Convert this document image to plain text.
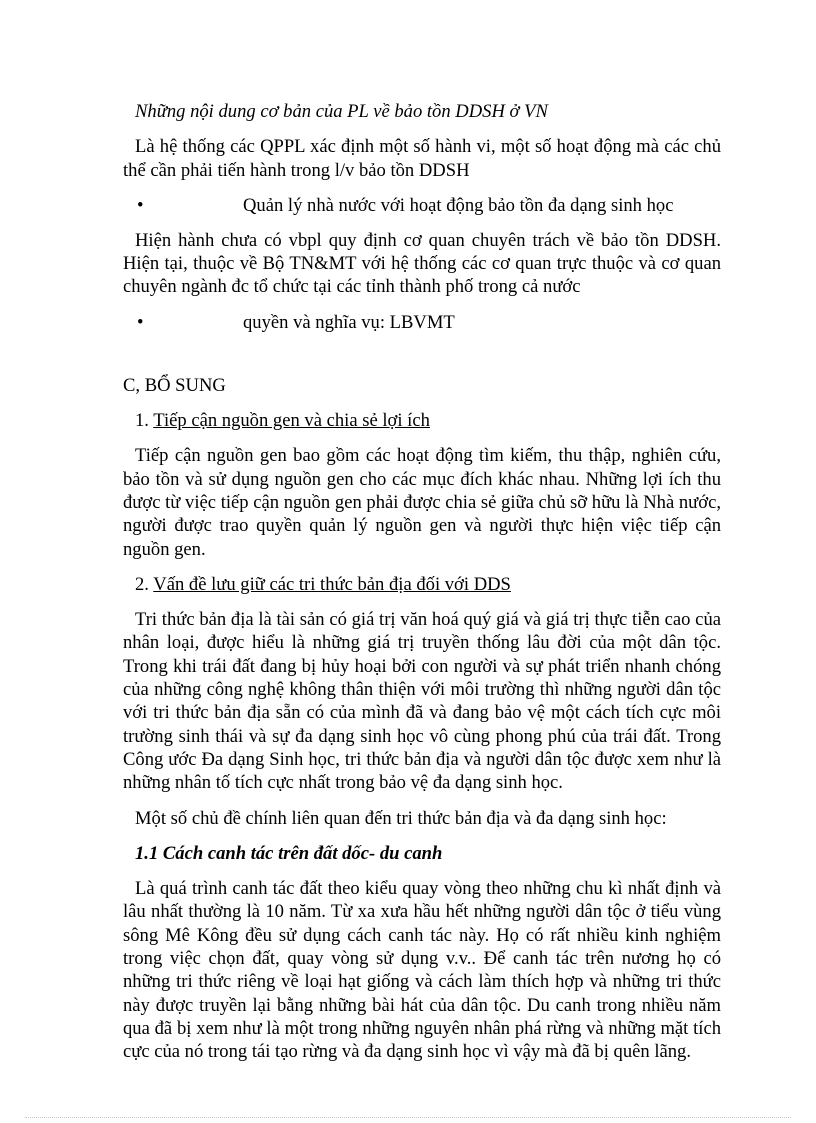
Những nội dung cơ bản của PL về bảo tồn DDSH ở VN

Là hệ thống các QPPL xác định một số hành vi, một số hoạt động mà các chủ thể cần phải tiến hành trong l/v bảo tồn DDSH

•	Quản lý nhà nước với hoạt động bảo tồn đa dạng sinh học

Hiện hành chưa có vbpl quy định cơ quan chuyên trách về bảo tồn DDSH. Hiện tại, thuộc về Bộ TN&MT với hệ thống các cơ quan trực thuộc và cơ quan chuyên ngành đc tổ chức tại các tỉnh thành phố trong cả nước

•	quyền và nghĩa vụ: LBVMT

C, BỔ SUNG

1. Tiếp cận nguồn gen và chia sẻ lợi ích

Tiếp cận nguồn gen bao gồm các hoạt động tìm kiếm, thu thập, nghiên cứu, bảo tồn và sử dụng nguồn gen cho các mục đích khác nhau. Những lợi ích thu được từ việc tiếp cận nguồn gen phải được chia sẻ giữa chủ sỡ hữu là Nhà nước, người được trao quyền quản lý nguồn gen và người thực hiện việc tiếp cận nguồn gen.

2. Vấn đề lưu giữ các tri thức bản địa đối với DDS

Tri thức bản địa là tài sản có giá trị văn hoá quý giá và giá trị thực tiễn cao của nhân loại, được hiểu là những giá trị truyền thống lâu đời của một dân tộc. Trong khi trái đất đang bị hủy hoại bởi con người và sự phát triển nhanh chóng của những công nghệ không thân thiện với môi trường thì những người dân tộc với tri thức bản địa sẵn có của mình đã và đang bảo vệ một cách tích cực môi trường sinh thái và sự đa dạng sinh học vô cùng phong phú của trái đất. Trong Công ước Đa dạng Sinh học, tri thức bản địa và người dân tộc được xem như là những nhân tố tích cực nhất trong bảo vệ đa dạng sinh học.

Một số chủ đề chính liên quan đến tri thức bản địa và đa dạng sinh học:

1.1 Cách canh tác trên đất dốc- du canh

Là quá trình canh tác đất theo kiểu quay vòng theo những chu kì nhất định và lâu nhất thường là 10 năm. Từ xa xưa hầu hết những người dân tộc ở tiểu vùng sông Mê Kông đều sử dụng cách canh tác này. Họ có rất nhiều kinh nghiệm trong việc chọn đất, quay vòng sử dụng v.v.. Để canh tác trên nương họ có những tri thức riêng về loại hạt giống và cách làm thích hợp và những tri thức này được truyền lại bằng những bài hát của dân tộc. Du canh trong nhiều năm qua đã bị xem như là một trong những nguyên nhân phá rừng và những mặt tích cực của nó trong tái tạo rừng và đa dạng sinh học vì vậy mà đã bị quên lãng.
